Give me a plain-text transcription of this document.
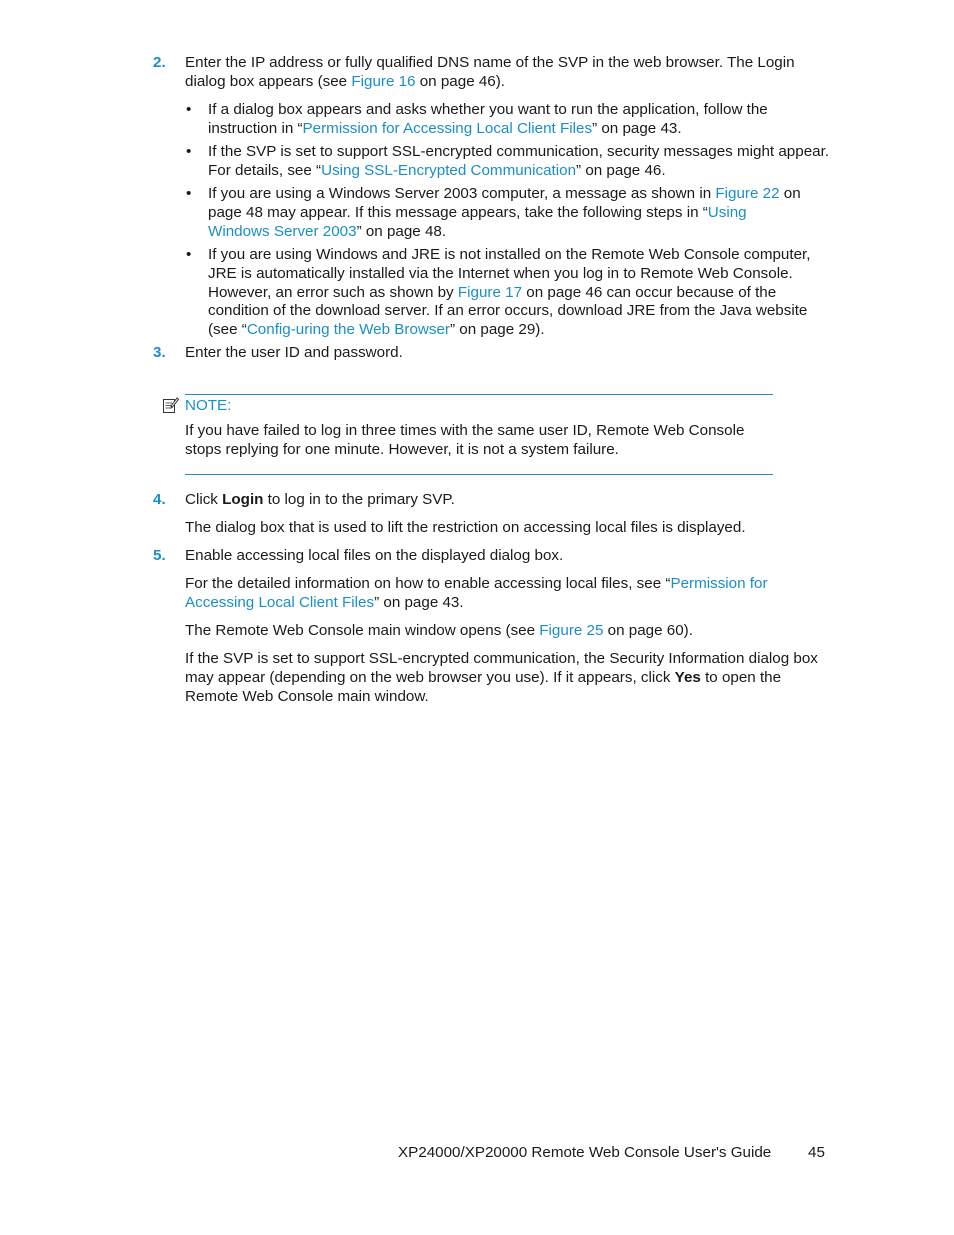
2. Enter the IP address or fully qualified DNS name of the SVP in the web browser. The Login dialog box appears (see Figure 16 on page 46).
• If a dialog box appears and asks whether you want to run the application, follow the instruction in “Permission for Accessing Local Client Files” on page 43.
• If the SVP is set to support SSL-encrypted communication, security messages might appear. For details, see “Using SSL-Encrypted Communication” on page 46.
• If you are using a Windows Server 2003 computer, a message as shown in Figure 22 on page 48 may appear. If this message appears, take the following steps in “Using Windows Server 2003” on page 48.
• If you are using Windows and JRE is not installed on the Remote Web Console computer, JRE is automatically installed via the Internet when you log in to Remote Web Console. However, an error such as shown by Figure 17 on page 46 can occur because of the condition of the download server. If an error occurs, download JRE from the Java website (see “Config-uring the Web Browser” on page 29).
3. Enter the user ID and password.
NOTE:
If you have failed to log in three times with the same user ID, Remote Web Console stops replying for one minute. However, it is not a system failure.
4. Click Login to log in to the primary SVP.
The dialog box that is used to lift the restriction on accessing local files is displayed.
5. Enable accessing local files on the displayed dialog box.
For the detailed information on how to enable accessing local files, see “Permission for Accessing Local Client Files” on page 43.
The Remote Web Console main window opens (see Figure 25 on page 60).
If the SVP is set to support SSL-encrypted communication, the Security Information dialog box may appear (depending on the web browser you use). If it appears, click Yes to open the Remote Web Console main window.
XP24000/XP20000 Remote Web Console User's Guide 45
